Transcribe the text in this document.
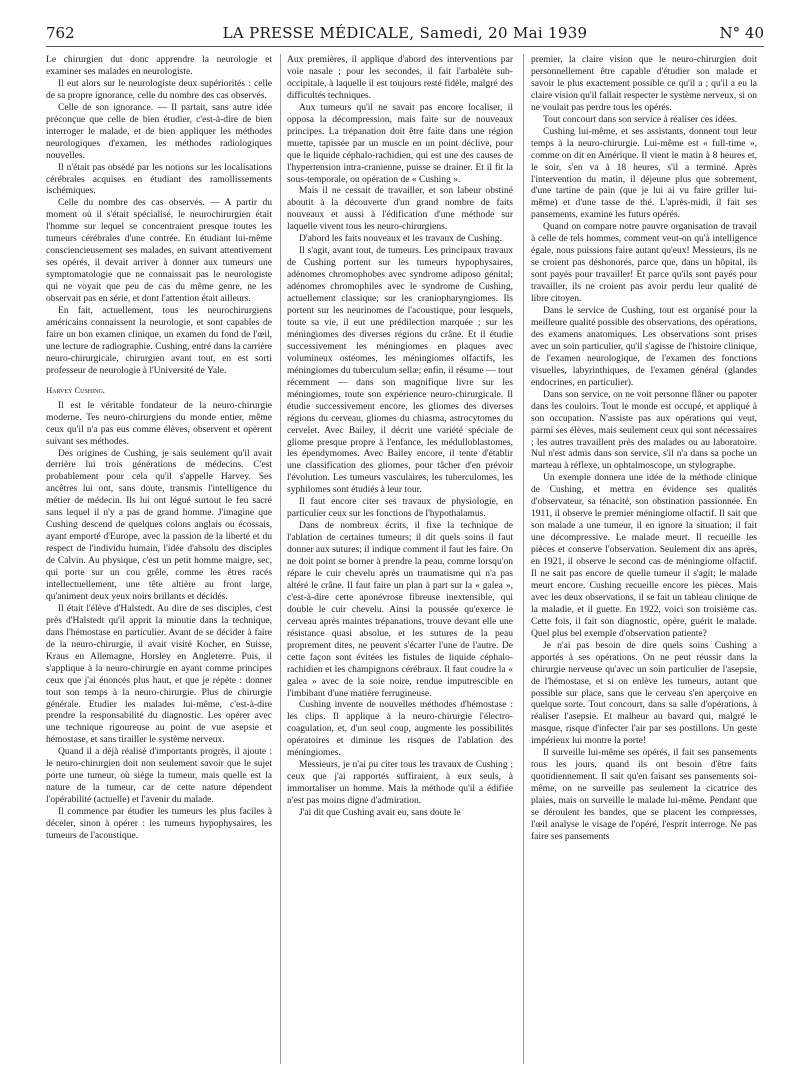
762	LA PRESSE MÉDICALE, Samedi, 20 Mai 1939	N° 40

Le chirurgien dut donc apprendre la neurologie et examiner ses malades en neurologiste.

Il eut alors sur le neurologiste deux supériorités : celle de sa propre ignorance, celle du nombre des cas observés.

Celle de son ignorance. — Il partait, sans autre idée préconçue que celle de bien étudier, c'est-à-dire de bien interroger le malade, et de bien appliquer les méthodes neurologiques d'examen, les méthodes radiologiques nouvelles.

Il n'était pas obsédé par les notions sur les localisations cérébrales acquises en étudiant des ramollissements ischémiques.

Celle du nombre des cas observés. — A partir du moment où il s'était spécialisé, le neurochirurgien était l'homme sur lequel se concentraient presque toutes les tumeurs cérébrales d'une contrée. En étudiant lui-même consciencieusement ses malades, en suivant attentivement ses opérés, il devait arriver à donner aux tumeurs une symptomatologie que ne connaissait pas le neurologiste qui ne voyait que peu de cas du même genre, ne les observait pas en série, et dont l'attention était ailleurs.

En fait, actuellement, tous les neurochirurgiens américains connaissent la neurologie, et sont capables de faire un bon examen clinique, un examen du fond de l'œil, une lecture de radiographie. Cushing, entré dans la carrière neuro-chirurgicale, chirurgien avant tout, en est sorti professeur de neurologie à l'Université de Yale.

Harvey Cushing.

Il est le véritable fondateur de la neuro-chirurgie moderne. Tes neuro-chirurgiens du monde entier, même ceux qu'il n'a pas eus comme élèves, observent et opèrent suivant ses méthodes.

Des origines de Cushing, je sais seulement qu'il avait derrière lui trois générations de médecins. C'est probablement pour cela qu'il s'appelle Harvey. Ses ancêtres lui ont, sans doute, transmis l'intelligence du métier de médecin. Ils lui ont légué surtout le feu sacré sans lequel il n'y a pas de grand homme. J'imagine que Cushing descend de quelques colons anglais ou écossais, ayant emporté d'Europe, avec la passion de la liberté et du respect de l'individu humain, l'idée d'absolu des disciples de Calvin. Au physique, c'est un petit homme maigre, sec, qui porte sur un cou grêle, comme les êtres racés intellectuellement, une tête altière au front large, qu'animent deux yeux noirs brillants et décidés.

Il était l'élève d'Halstedt. Au dire de ses disciples, c'est près d'Halstedt qu'il apprit la minutie dans la technique, dans l'hémostase en particulier. Avant de se décider à faire de la neuro-chirurgie, il avait visité Kocher, en Suisse, Kraus en Allemagne, Horsley en Angleterre. Puis, il s'applique à la neuro-chirurgie en ayant comme principes ceux que j'ai énoncés plus haut, et que je répète : donner tout son temps à la neuro-chirurgie. Plus de chirurgie générale. Etudier les malades lui-même, c'est-à-dire prendre la responsabilité du diagnostic. Les opérer avec une technique rigoureuse au point de vue asepsie et hémostase, et sans tirailler le système nerveux.

Quand il a déjà réalisé d'importants progrès, il ajoute : le neuro-chirurgien doit non seulement savoir que le sujet porte une tumeur, où siège la tumeur, mais quelle est la nature de la tumeur, car de cette nature dépendent l'opérabilité (actuelle) et l'avenir du malade.

Il commence par étudier les tumeurs les plus faciles à déceler, sinon à opérer : les tumeurs hypophysaires, les tumeurs de l'acoustique.

Aux premières, il applique d'abord des interventions par voie nasale ; pour les secondes, il fait l'arbalète sub-occipitale, à laquelle il est toujours resté fidèle, malgré des difficultés techniques.

Aux tumeurs qu'il ne savait pas encore localiser, il opposa la décompression, mais faite sur de nouveaux principes. La trépanation doit être faite dans une région muette, tapissée par un muscle en un point déclive, pour que le liquide céphalo-rachidien, qui est une des causes de l'hypertension intra-cranienne, puisse se drainer. Et il fit la sous-temporale, ou opération de « Cushing ».

Mais il ne cessait de travailler, et son labeur obstiné aboutit à la découverte d'un grand nombre de faits nouveaux et aussi à l'édification d'une méthode sur laquelle vivent tous les neuro-chirurgiens.

D'abord les faits nouveaux et les travaux de Cushing.

Il s'agit, avant tout, de tumeurs. Les principaux travaux de Cushing portent sur les tumeurs hypophysaires, adénomes chromophobes avec syndrome adiposo génital; adénomes chromophiles avec le syndrome de Cushing, actuellement classique; sur les craniopharyngiomes. Ils portent sur les neurinomes de l'acoustique, pour lesquels, toute sa vie, il eut une prédilection marquée ; sur les méningiomes des diverses régions du crâne. Et il étudie successivement les méningiomes en plaques avec volumineux ostéomes, les méningiomes olfactifs, les méningiomes du tuberculum sellæ; enfin, il résume — tout récemment — dans son magnifique livre sur les méningiomes, toute son expérience neuro-chirurgicale. Il étudie successivement encore, les gliomes des diverses régions du cerveau, gliomes du chiasma, astrocytomes du cervelet. Avec Bailey, il décrit une variété spéciale de gliome presque propre à l'enfance, les médulloblastomes, les épendymomes. Avec Bailey encore, il tente d'établir une classification des gliomes, pour tâcher d'en prévoir l'évolution. Les tumeurs vasculaires, les tuberculomes, les syphilomes sont étudiés à leur tour.

Il faut encore citer ses travaux de physiologie, en particulier ceux sur les fonctions de l'hypothalamus.

Dans de nombreux écrits, il fixe la technique de l'ablation de certaines tumeurs; il dit quels soins il faut donner aux sutures; il indique comment il faut les faire. On ne doit point se borner à prendre la peau, comme lorsqu'on répare le cuir chevelu après un traumatisme qui n'a pas altéré le crâne. Il faut faire un plan à part sur la « galea », c'est-à-dire cette aponévrose fibreuse inextensible, qui double le cuir chevelu. Ainsi la poussée qu'exerce le cerveau après maintes trépanations, trouve devant elle une résistance quasi absolue, et les sutures de la peau proprement dites, ne peuvent s'écarter l'une de l'autre. De cette façon sont évitées les fistules de liquide céphalo-rachidien et les champignons cérébraux. Il faut coudre la « galea » avec de la soie noire, rendue imputrescible en l'imbibant d'une matière ferrugineuse.

Cushing invente de nouvelles méthodes d'hémostase : les clips. Il applique à la neuro-chirurgie l'électro-coagulation, et, d'un seul coup, augmente les possibilités opératoires et diminue les risques de l'ablation des méningiomes.

Messieurs, je n'ai pu citer tous les travaux de Cushing ; ceux que j'ai rapportés suffiraient, à eux seuls, à immortaliser un homme. Mais la méthode qu'il a édifiée n'est pas moins digne d'admiration.

J'ai dit que Cushing avait eu, sans doute le

premier, la claire vision que le neuro-chirurgien doit personnellement être capable d'étudier son malade et savoir le plus exactement possible ce qu'il a ; qu'il a eu la claire vision qu'il fallait respecter le système nerveux, si on ne voulait pas perdre tous les opérés.

Tout concourt dans son service à réaliser ces idées.

Cushing lui-même, et ses assistants, donnent tout leur temps à la neuro-chirurgie. Lui-même est « full-time », comme on dit en Amérique. Il vient le matin à 8 heures et, le soir, s'en va à 18 heures, s'il a terminé. Après l'intervention du matin, il déjeune plus que sobrement, d'une tartine de pain (que je lui ai vu faire griller lui-même) et d'une tasse de thé. L'après-midi, il fait ses pansements, examine les futurs opérés.

Quand on compare notre pauvre organisation de travail à celle de tels hommes, comment veut-on qu'à intelligence égale, nous puissions faire autant qu'eux! Messieurs, ils ne se croient pas déshonorés, parce que, dans un hôpital, ils sont payés pour travailler! Et parce qu'ils sont payés pour travailler, ils ne croient pas avoir perdu leur qualité de libre citoyen.

Dans le service de Cushing, tout est organisé pour la meilleure qualité possible des observations, des opérations, des examens anatomiques. Les observations sont prises avec un soin particulier, qu'il s'agisse de l'histoire clinique, de l'examen neurologique, de l'examen des fonctions visuelles, labyrinthiques, de l'examen général (glandes endocrines, en particulier).

Dans son service, on ne voit personne flâner ou papoter dans les couloirs. Tout le monde est occupé, et appliqué à son occupation. N'assiste pas aux opérations qui veut, parmi ses élèves, mais seulement ceux qui sont nécessaires ; les autres travaillent près des malades ou au laboratoire. Nul n'est admis dans son service, s'il n'a dans sa poche un marteau à réflexe, un ophtalmoscope, un stylographe.

Un exemple donnera une idée de la méthode clinique de Cushing, et mettra en évidence ses qualités d'observateur, sa ténacité, son obstination passionnée. En 1911, il observe le premier méningiome olfactif. Il sait que son malade a une tumeur, il en ignore la situation; il fait une décompressive. Le malade meurt. Il recueille les pièces et conserve l'observation. Seulement dix ans après, en 1921, il observe le second cas de méningiome olfactif. Il ne sait pas encore de quelle tumeur il s'agit; le malade meurt encore. Cushing recueille encore les pièces. Mais avec les deux observations, il se fait un tableau clinique de la maladie, et il guette. En 1922, voici son troisième cas. Cette fois, il fait son diagnostic, opère, guérit le malade. Quel plus bel exemple d'observation patiente?

Je n'ai pas besoin de dire quels soins Cushing a apportés à ses opérations. On ne peut réussir dans la chirurgie nerveuse qu'avec un soin particulier de l'asepsie, de l'hémostase, et si on enlève les tumeurs, autant que possible sur place, sans que le cerveau s'en aperçoive en quelque sorte. Tout concourt, dans sa salle d'opérations, à réaliser l'asepsie. Et malheur au bavard qui, malgré le masque, risque d'infecter l'air par ses postillons. Un geste impérieux lui montre la porte!

Il surveille lui-même ses opérés, il fait ses pansements tous les jours, quand ils ont besoin d'être faits quotidiennement. Il sait qu'en faisant ses pansements soi-même, on ne surveille pas seulement la cicatrice des plaies, mais on surveille le malade lui-même. Pendant que se déroulent les bandes, que se placent les compresses, l'œil analyse le visage de l'opéré, l'esprit interroge. Ne pas faire ses pansements
